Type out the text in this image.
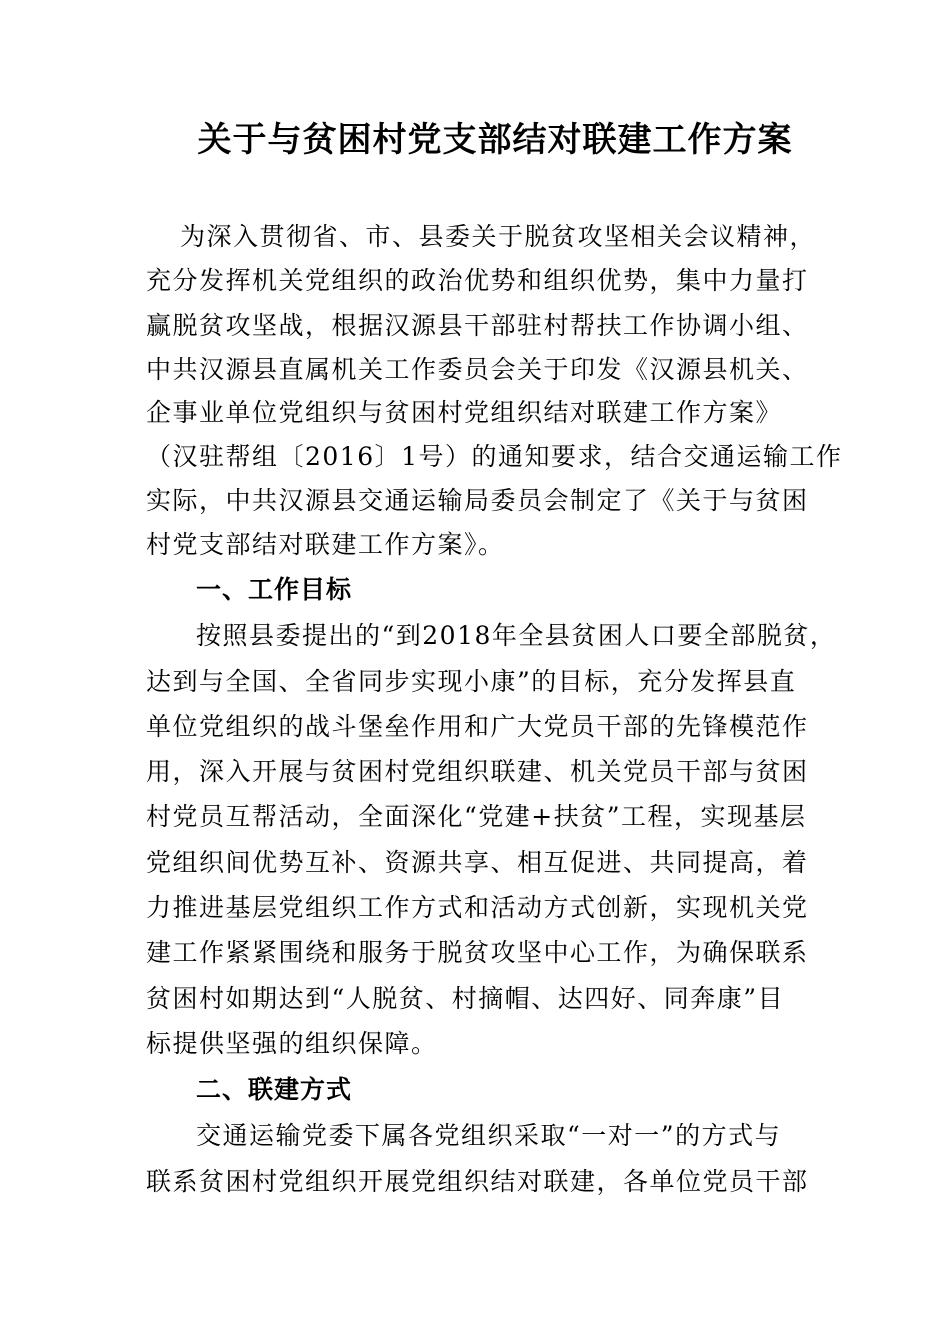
关于与贫困村党支部结对联建工作方案
为深入贯彻省、市、县委关于脱贫攻坚相关会议精神，
充分发挥机关党组织的政治优势和组织优势，集中力量打
赢脱贫攻坚战，根据汉源县干部驻村帮扶工作协调小组、
中共汉源县直属机关工作委员会关于印发《汉源县机关、
企事业单位党组织与贫困村党组织结对联建工作方案》
（汉驻帮组〔2016〕1号）的通知要求，结合交通运输工作
实际，中共汉源县交通运输局委员会制定了《关于与贫困
村党支部结对联建工作方案》。
一、工作目标
按照县委提出的“到2018年全县贫困人口要全部脱贫，
达到与全国、全省同步实现小康”的目标，充分发挥县直
单位党组织的战斗堡垒作用和广大党员干部的先锋模范作
用，深入开展与贫困村党组织联建、机关党员干部与贫困
村党员互帮活动，全面深化“党建+扶贫”工程，实现基层
党组织间优势互补、资源共享、相互促进、共同提高，着
力推进基层党组织工作方式和活动方式创新，实现机关党
建工作紧紧围绕和服务于脱贫攻坚中心工作，为确保联系
贫困村如期达到“人脱贫、村摘帽、达四好、同奔康”目
标提供坚强的组织保障。
二、联建方式
交通运输党委下属各党组织采取“一对一”的方式与
联系贫困村党组织开展党组织结对联建，各单位党员干部
